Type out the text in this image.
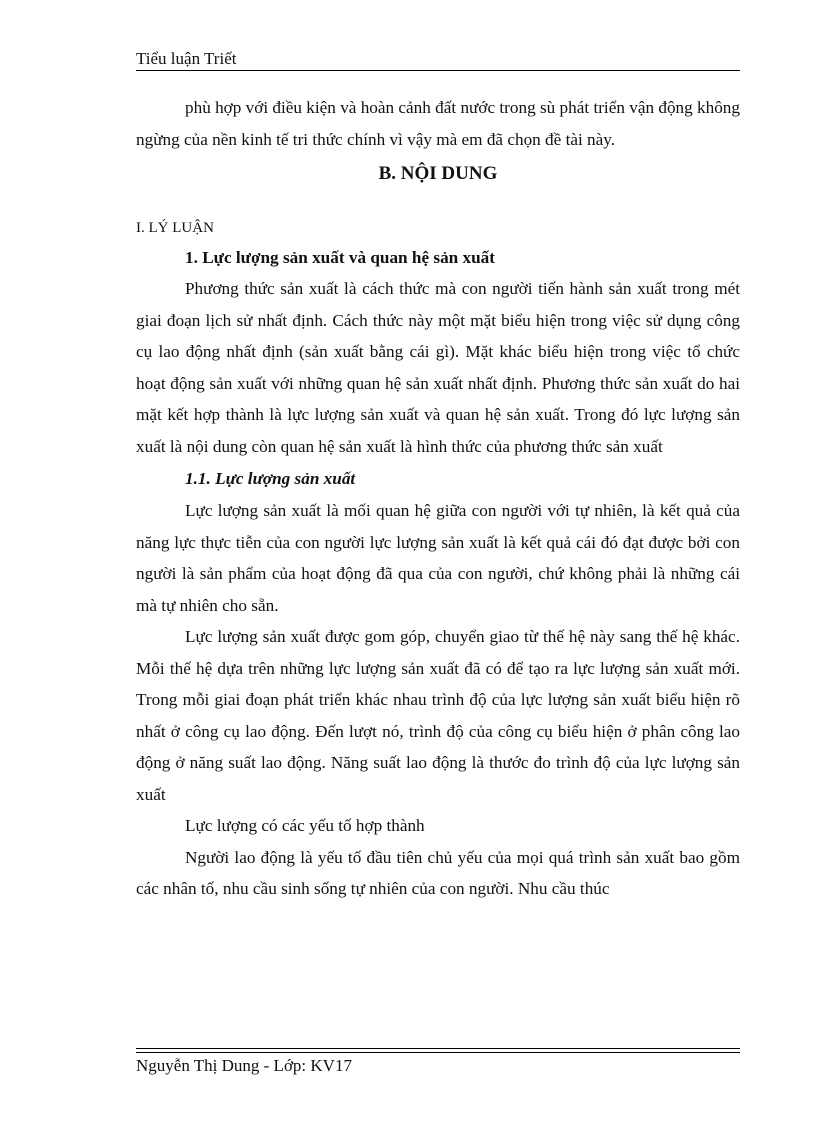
Tiểu luận Triết

phù hợp với điều kiện và hoàn cảnh đất nước trong sù phát triển vận động không ngừng của nền kinh tế tri thức chính vì vậy mà em đã chọn đề tài này.

B. NỘI DUNG

I. LÝ LUẬN

1. Lực lượng sản xuất và quan hệ sản xuất

Phương thức sản xuất là cách thức mà con người tiến hành sản xuất trong mét giai đoạn lịch sử nhất định. Cách thức này một mặt biểu hiện trong việc sử dụng công cụ lao động nhất định (sản xuất bằng cái gì). Mặt khác biểu hiện trong việc tổ chức hoạt động sản xuất với những quan hệ sản xuất nhất định. Phương thức sản xuất do hai mặt kết hợp thành là lực lượng sản xuất và quan hệ sản xuất. Trong đó lực lượng sản xuất là nội dung còn quan hệ sản xuất là hình thức của phương thức sản xuất

1.1. Lực lượng sản xuất

Lực lượng sản xuất là mối quan hệ giữa con người với tự nhiên, là kết quả của năng lực thực tiễn của con người lực lượng sản xuất là kết quả cái đó đạt được bởi con người là sản phẩm của hoạt động đã qua của con người, chứ không phải là những cái mà tự nhiên cho sẵn.

Lực lượng sản xuất được gom góp, chuyển giao từ thế hệ này sang thế hệ khác. Mỗi thế hệ dựa trên những lực lượng sản xuất đã có để tạo ra lực lượng sản xuất mới. Trong mỗi giai đoạn phát triển khác nhau trình độ của lực lượng sản xuất biểu hiện rõ nhất ở công cụ lao động. Đến lượt nó, trình độ của công cụ biểu hiện ở phân công lao động ở năng suất lao động. Năng suất lao động là thước đo trình độ của lực lượng sản xuất

Lực lượng có các yếu tố hợp thành

Người lao động là yếu tố đầu tiên chủ yếu của mọi quá trình sản xuất bao gồm các nhân tố, nhu cầu sinh sống tự nhiên của con người. Nhu cầu thúc

Nguyễn Thị Dung - Lớp: KV17
